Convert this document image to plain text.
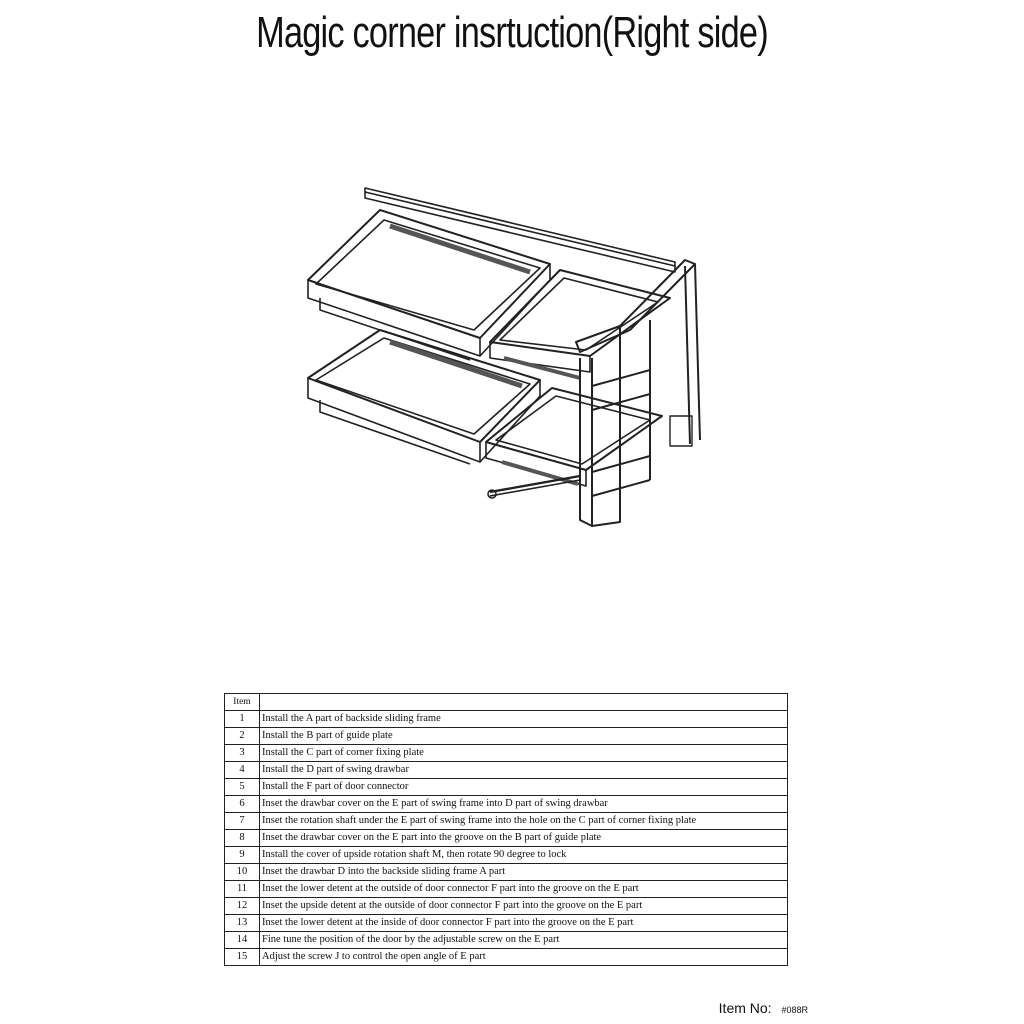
Magic corner insrtuction(Right side)
Item	
1	Install the A part of backside sliding frame
2	Install the B part of guide plate
3	Install the C part of corner fixing plate
4	Install the D part of swing drawbar
5	Install the F part of door connector
6	Inset the drawbar cover on the E part of swing frame into D part of swing drawbar
7	Inset the rotation shaft under the E part of swing frame into the hole on the C part of corner fixing plate
8	Inset the drawbar cover on the E part into the groove on the B part of guide plate
9	Install the cover of upside rotation shaft M, then rotate 90 degree to lock
10	Inset the drawbar D into the backside sliding frame A part
11	Inset the lower detent at the outside of door connector F part into the groove on the E part
12	Inset the upside detent at the outside of door connector F part into the groove on the E part
13	Inset the lower detent at the inside of door connector F part into the groove on the E part
14	Fine tune the position of the door by the adjustable screw on the E part
15	Adjust the screw J to control the open angle of E part
Item No: #088R
